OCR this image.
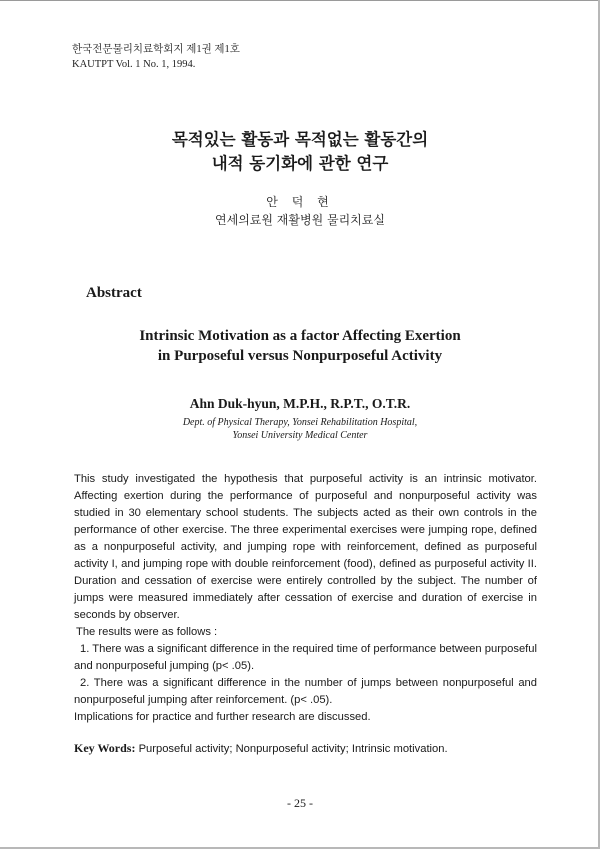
한국전문물리치료학회지 제1권 제1호
KAUTPT Vol. 1 No. 1, 1994.
목적있는 활동과 목적없는 활동간의
내적 동기화에 관한 연구
안 덕 현
연세의료원 재활병원 물리치료실
Abstract
Intrinsic Motivation as a factor Affecting Exertion
in Purposeful versus Nonpurposeful Activity
Ahn Duk-hyun, M.P.H., R.P.T., O.T.R.
Dept. of Physical Therapy, Yonsei Rehabilitation Hospital,
Yonsei University Medical Center

This study investigated the hypothesis that purposeful activity is an intrinsic motivator. Affecting exertion during the performance of purposeful and nonpurposeful activity was studied in 30 elementary school students. The subjects acted as their own controls in the performance of other exercise. The three experimental exercises were jumping rope, defined as a nonpurposeful activity, and jumping rope with reinforcement, defined as purposeful activity I, and jumping rope with double reinforcement (food), defined as purposeful activity II. Duration and cessation of exercise were entirely controlled by the subject. The number of jumps were measured immediately after cessation of exercise and duration of exercise in seconds by observer.

The results were as follows :

1. There was a significant difference in the required time of performance between purposeful and nonpurposeful jumping (p< .05).

2. There was a significant difference in the number of jumps between nonpurposeful and nonpurposeful jumping after reinforcement. (p< .05).

Implications for practice and further research are discussed.

Key Words: Purposeful activity; Nonpurposeful activity; Intrinsic motivation.
- 25 -
